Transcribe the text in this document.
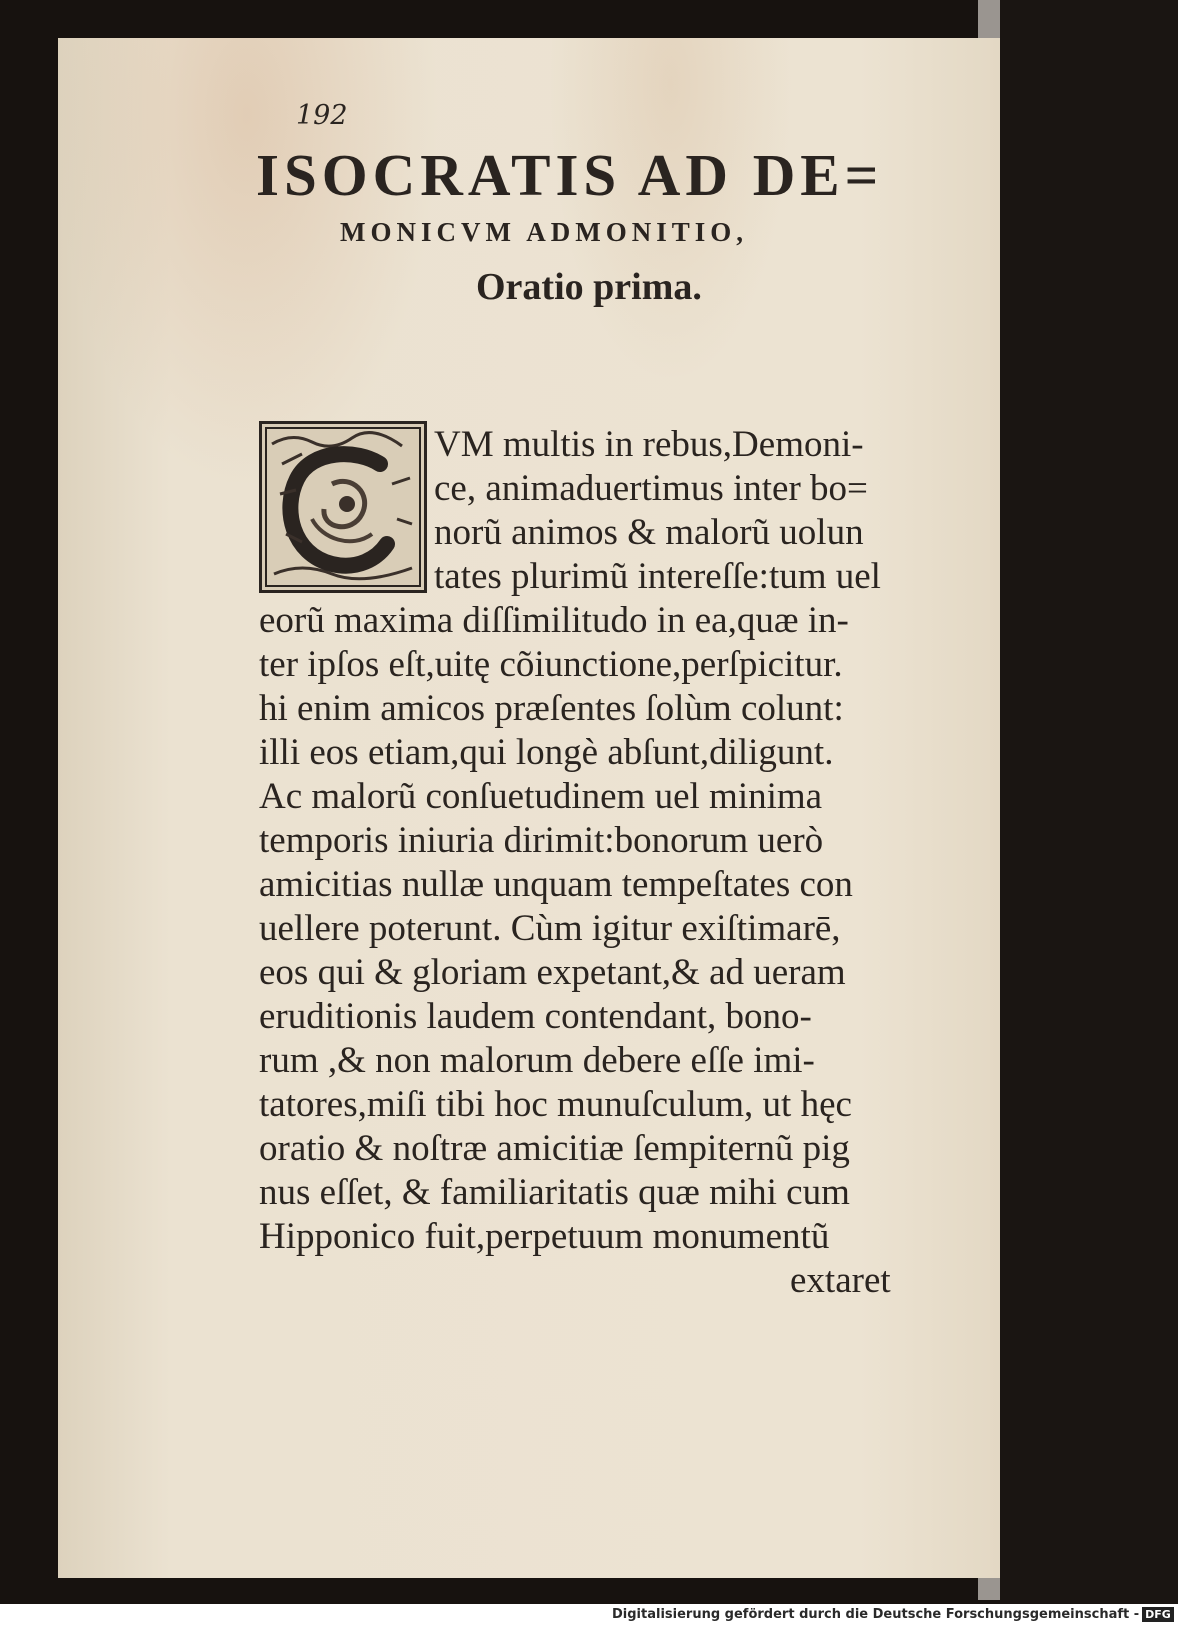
192

ISOCRATIS AD DE=
MONICVM ADMONITIO,
Oratio prima.

VM multis in rebus,Demoni-

ce, animaduertimus inter bo=

norũ animos & malorũ uolun

tates plurimũ intereſſe:tum uel

eorũ maxima diſſimilitudo in ea,quæ in-

ter ipſos eſt,uitę cõiunctione,perſpicitur.

hi enim amicos præſentes ſolùm colunt:

illi eos etiam,qui longè abſunt,diligunt.

Ac malorũ conſuetudinem uel minima

temporis iniuria dirimit:bonorum uerò

amicitias nullæ unquam tempeſtates con

uellere poterunt. Cùm igitur exiſtimarē,

eos qui & gloriam expetant,& ad ueram

eruditionis laudem contendant, bono-

rum ,& non malorum debere eſſe imi-

tatores,miſi tibi hoc munuſculum, ut hęc

oratio & noſtræ amicitiæ ſempiternũ pig

nus eſſet, & familiaritatis quæ mihi cum

Hipponico fuit,perpetuum monumentũ

extaret

Digitalisierung gefördert durch die Deutsche Forschungsgemeinschaft - DFG
